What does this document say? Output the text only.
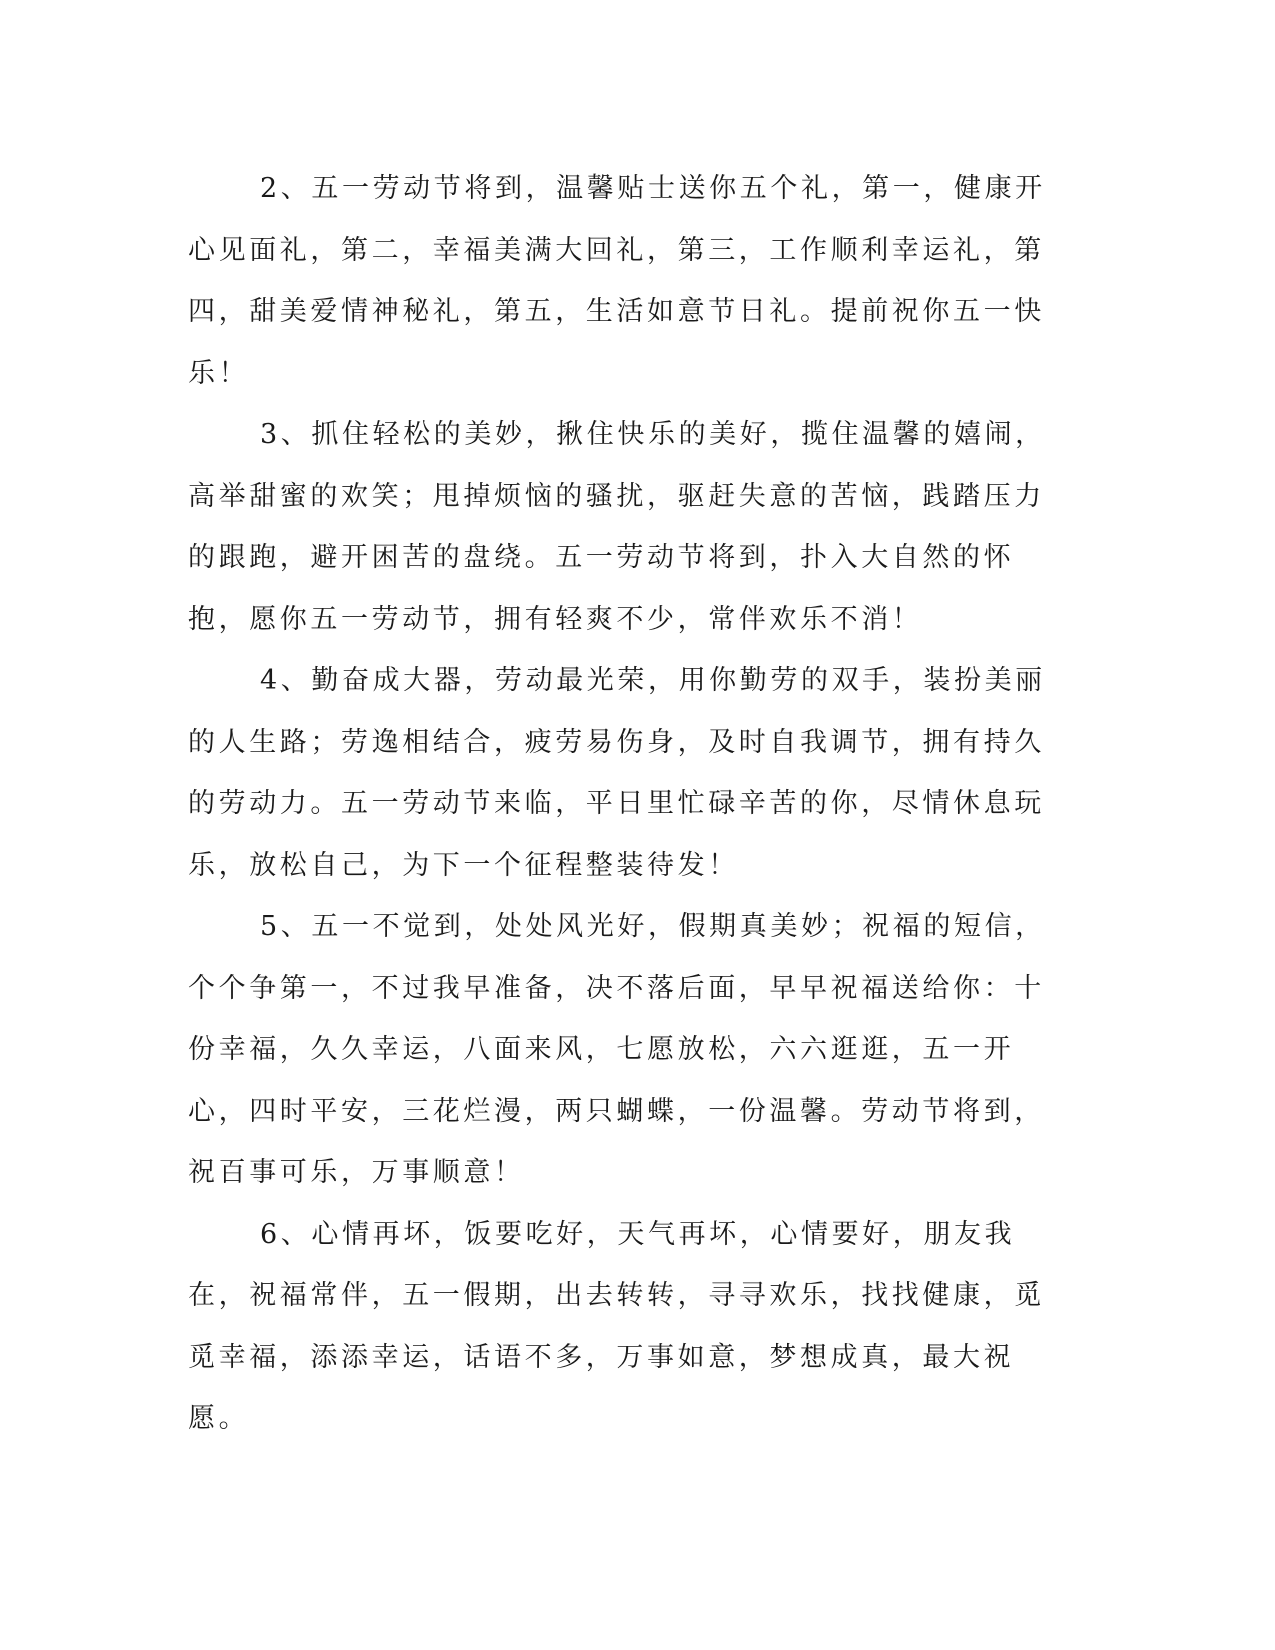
2、五一劳动节将到，温馨贴士送你五个礼，第一，健康开心见面礼，第二，幸福美满大回礼，第三，工作顺利幸运礼，第四，甜美爱情神秘礼，第五，生活如意节日礼。提前祝你五一快乐！

3、抓住轻松的美妙，揪住快乐的美好，揽住温馨的嬉闹，高举甜蜜的欢笑；甩掉烦恼的骚扰，驱赶失意的苦恼，践踏压力的跟跑，避开困苦的盘绕。五一劳动节将到，扑入大自然的怀抱，愿你五一劳动节，拥有轻爽不少，常伴欢乐不消！

4、勤奋成大器，劳动最光荣，用你勤劳的双手，装扮美丽的人生路；劳逸相结合，疲劳易伤身，及时自我调节，拥有持久的劳动力。五一劳动节来临，平日里忙碌辛苦的你，尽情休息玩乐，放松自己，为下一个征程整装待发！

5、五一不觉到，处处风光好，假期真美妙；祝福的短信，个个争第一，不过我早准备，决不落后面，早早祝福送给你：十份幸福，久久幸运，八面来风，七愿放松，六六逛逛，五一开心，四时平安，三花烂漫，两只蝴蝶，一份温馨。劳动节将到，祝百事可乐，万事顺意！

6、心情再坏，饭要吃好，天气再坏，心情要好，朋友我在，祝福常伴，五一假期，出去转转，寻寻欢乐，找找健康，觅觅幸福，添添幸运，话语不多，万事如意，梦想成真，最大祝愿。
